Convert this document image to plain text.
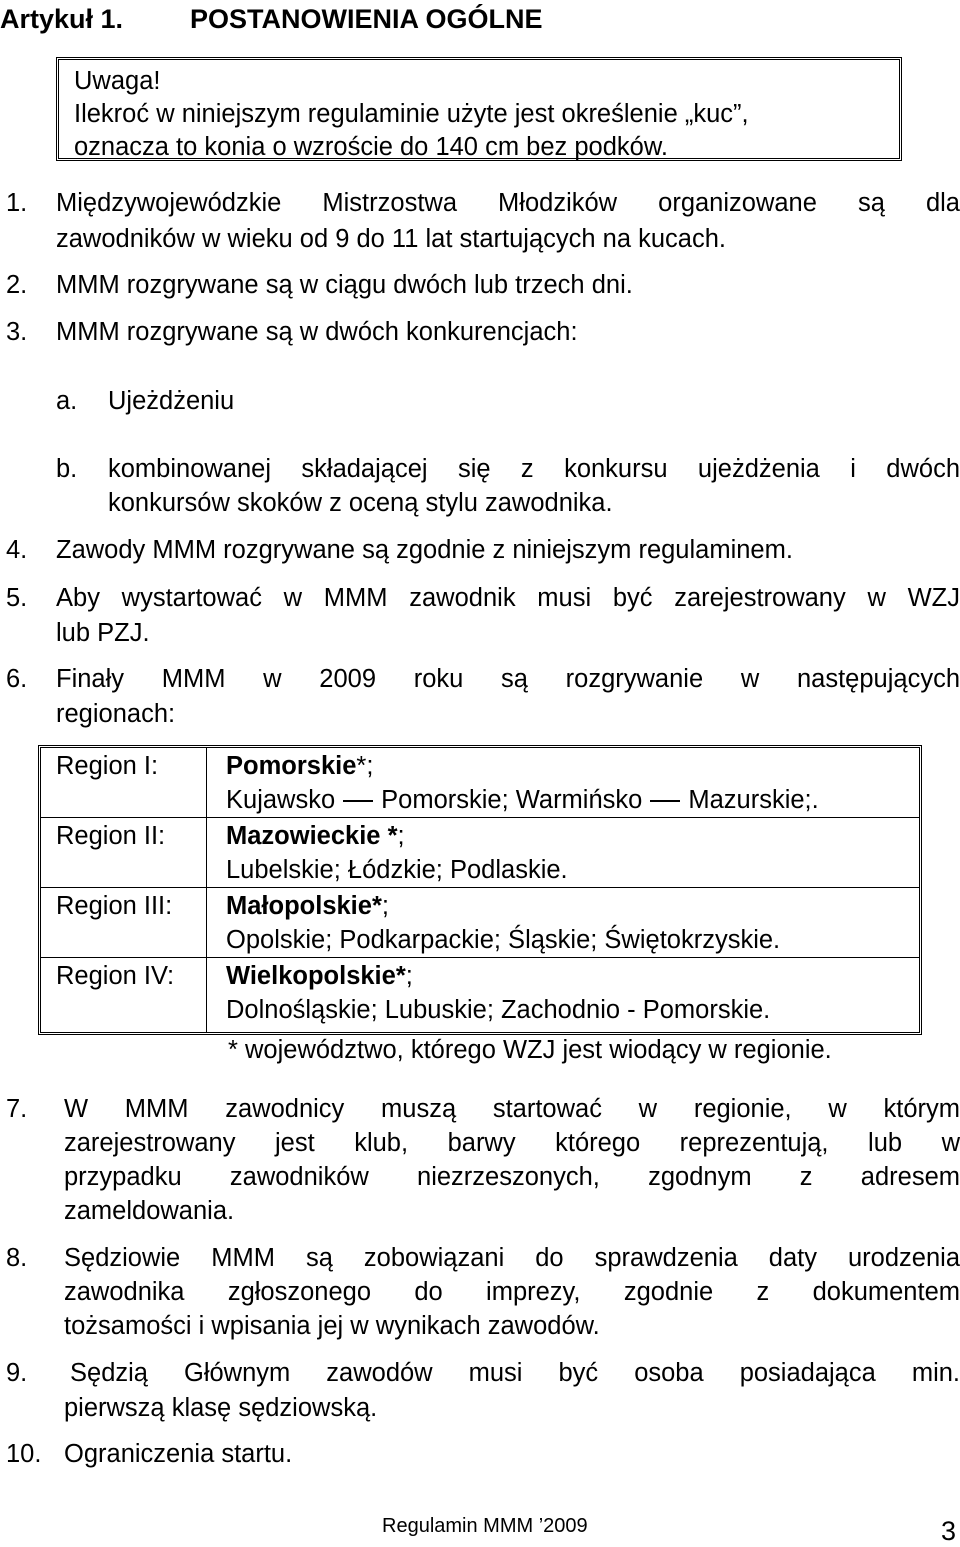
Artykuł 1. POSTANOWIENIA OGÓLNE
Uwaga!
Ilekroć w niniejszym regulaminie użyte jest określenie „kuc”,
oznacza to konia o wzroście do 140 cm bez podków.
1. Międzywojewódzkie Mistrzostwa Młodzików organizowane są dla
zawodników w wieku od 9 do 11 lat startujących na kucach.
2. MMM rozgrywane są w ciągu dwóch lub trzech dni.
3. MMM rozgrywane są w dwóch konkurencjach:
a. Ujeżdżeniu
b. kombinowanej składającej się z konkursu ujeżdżenia i dwóch
konkursów skoków z oceną stylu zawodnika.
4. Zawody MMM rozgrywane są zgodnie z niniejszym regulaminem.
5. Aby wystartować w MMM zawodnik musi być zarejestrowany w WZJ
lub PZJ.
6. Finały MMM w 2009 roku są rozgrywanie w następujących
regionach:
Region I:	Pomorskie*;
Kujawsko Pomorskie; Warmińsko Mazurskie;.
Region II: Mazowieckie *;
Lubelskie; Łódzkie; Podlaskie.
Region III: Małopolskie*;
Opolskie; Podkarpackie; Śląskie; Świętokrzyskie.
Region IV: Wielkopolskie*;
Dolnośląskie; Lubuskie; Zachodnio - Pomorskie.
* województwo, którego WZJ jest wiodący w regionie.
7. W MMM zawodnicy muszą startować w regionie, w którym
zarejestrowany jest klub, barwy którego reprezentują, lub w
przypadku zawodników niezrzeszonych, zgodnym z adresem
zameldowania.
8. Sędziowie MMM są zobowiązani do sprawdzenia daty urodzenia
zawodnika zgłoszonego do imprezy, zgodnie z dokumentem
tożsamości i wpisania jej w wynikach zawodów.
9. Sędzią Głównym zawodów musi być osoba posiadająca min.
pierwszą klasę sędziowską.
10. Ograniczenia startu.
Regulamin MMM ’2009	3
